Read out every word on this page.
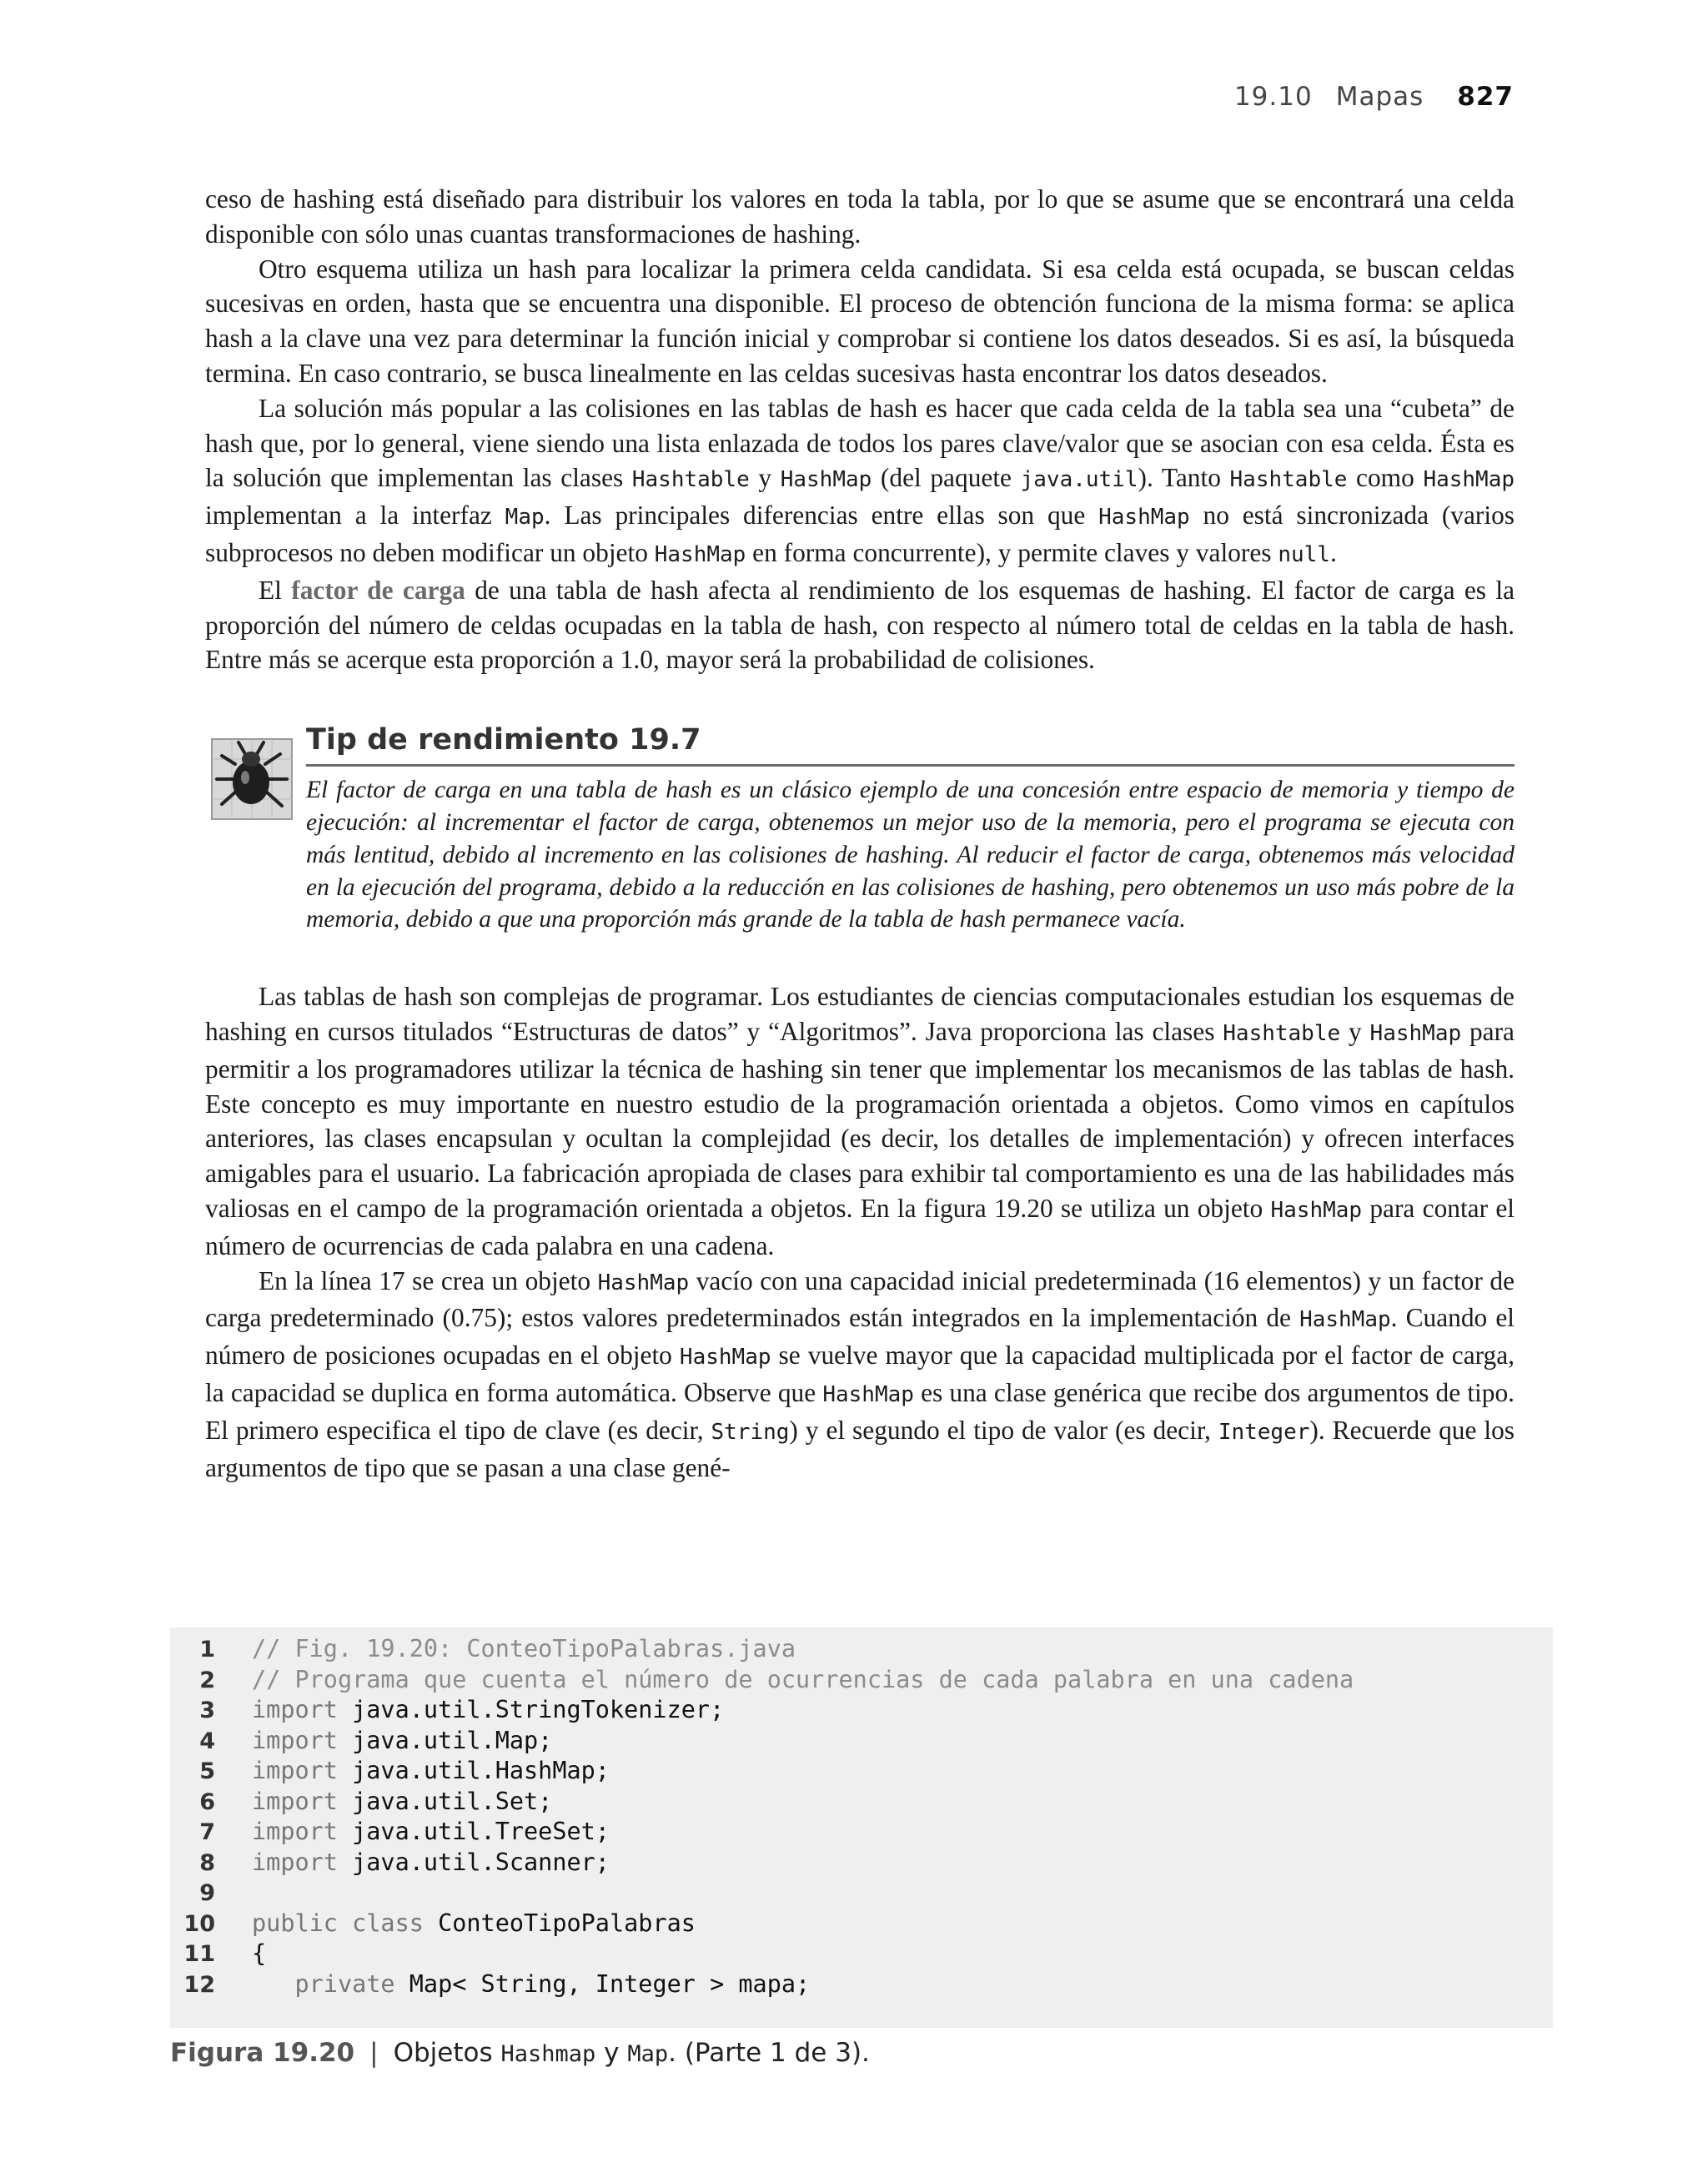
19.10 Mapas 827

ceso de hashing está diseñado para distribuir los valores en toda la tabla, por lo que se asume que se encontrará una celda disponible con sólo unas cuantas transformaciones de hashing.

Otro esquema utiliza un hash para localizar la primera celda candidata. Si esa celda está ocupada, se buscan celdas sucesivas en orden, hasta que se encuentra una disponible. El proceso de obtención funciona de la misma forma: se aplica hash a la clave una vez para determinar la función inicial y comprobar si contiene los datos deseados. Si es así, la búsqueda termina. En caso contrario, se busca linealmente en las celdas sucesivas hasta encontrar los datos deseados.

La solución más popular a las colisiones en las tablas de hash es hacer que cada celda de la tabla sea una “cubeta” de hash que, por lo general, viene siendo una lista enlazada de todos los pares clave/valor que se asocian con esa celda. Ésta es la solución que implementan las clases Hashtable y HashMap (del paquete java.util). Tanto Hashtable como HashMap implementan a la interfaz Map. Las principales diferencias entre ellas son que HashMap no está sincronizada (varios subprocesos no deben modificar un objeto HashMap en forma concurrente), y permite claves y valores null.

El factor de carga de una tabla de hash afecta al rendimiento de los esquemas de hashing. El factor de carga es la proporción del número de celdas ocupadas en la tabla de hash, con respecto al número total de celdas en la tabla de hash. Entre más se acerque esta proporción a 1.0, mayor será la probabilidad de colisiones.

Tip de rendimiento 19.7
El factor de carga en una tabla de hash es un clásico ejemplo de una concesión entre espacio de memoria y tiempo de ejecución: al incrementar el factor de carga, obtenemos un mejor uso de la memoria, pero el programa se ejecuta con más lentitud, debido al incremento en las colisiones de hashing. Al reducir el factor de carga, obtenemos más velocidad en la ejecución del programa, debido a la reducción en las colisiones de hashing, pero obtenemos un uso más pobre de la memoria, debido a que una proporción más grande de la tabla de hash permanece vacía.

Las tablas de hash son complejas de programar. Los estudiantes de ciencias computacionales estudian los esquemas de hashing en cursos titulados “Estructuras de datos” y “Algoritmos”. Java proporciona las clases Hashtable y HashMap para permitir a los programadores utilizar la técnica de hashing sin tener que implementar los mecanismos de las tablas de hash. Este concepto es muy importante en nuestro estudio de la programación orientada a objetos. Como vimos en capítulos anteriores, las clases encapsulan y ocultan la complejidad (es decir, los detalles de implementación) y ofrecen interfaces amigables para el usuario. La fabricación apropiada de clases para exhibir tal comportamiento es una de las habilidades más valiosas en el campo de la programación orientada a objetos. En la figura 19.20 se utiliza un objeto HashMap para contar el número de ocurrencias de cada palabra en una cadena.

En la línea 17 se crea un objeto HashMap vacío con una capacidad inicial predeterminada (16 elementos) y un factor de carga predeterminado (0.75); estos valores predeterminados están integrados en la implementación de HashMap. Cuando el número de posiciones ocupadas en el objeto HashMap se vuelve mayor que la capacidad multiplicada por el factor de carga, la capacidad se duplica en forma automática. Observe que HashMap es una clase genérica que recibe dos argumentos de tipo. El primero especifica el tipo de clave (es decir, String) y el segundo el tipo de valor (es decir, Integer). Recuerde que los argumentos de tipo que se pasan a una clase gené-

1 // Fig. 19.20: ConteoTipoPalabras.java
2 // Programa que cuenta el número de ocurrencias de cada palabra en una cadena
3 import java.util.StringTokenizer;
4 import java.util.Map;
5 import java.util.HashMap;
6 import java.util.Set;
7 import java.util.TreeSet;
8 import java.util.Scanner;
9
10 public class ConteoTipoPalabras
11 {
12   private Map< String, Integer > mapa;
Figura 19.20 | Objetos Hashmap y Map. (Parte 1 de 3).
